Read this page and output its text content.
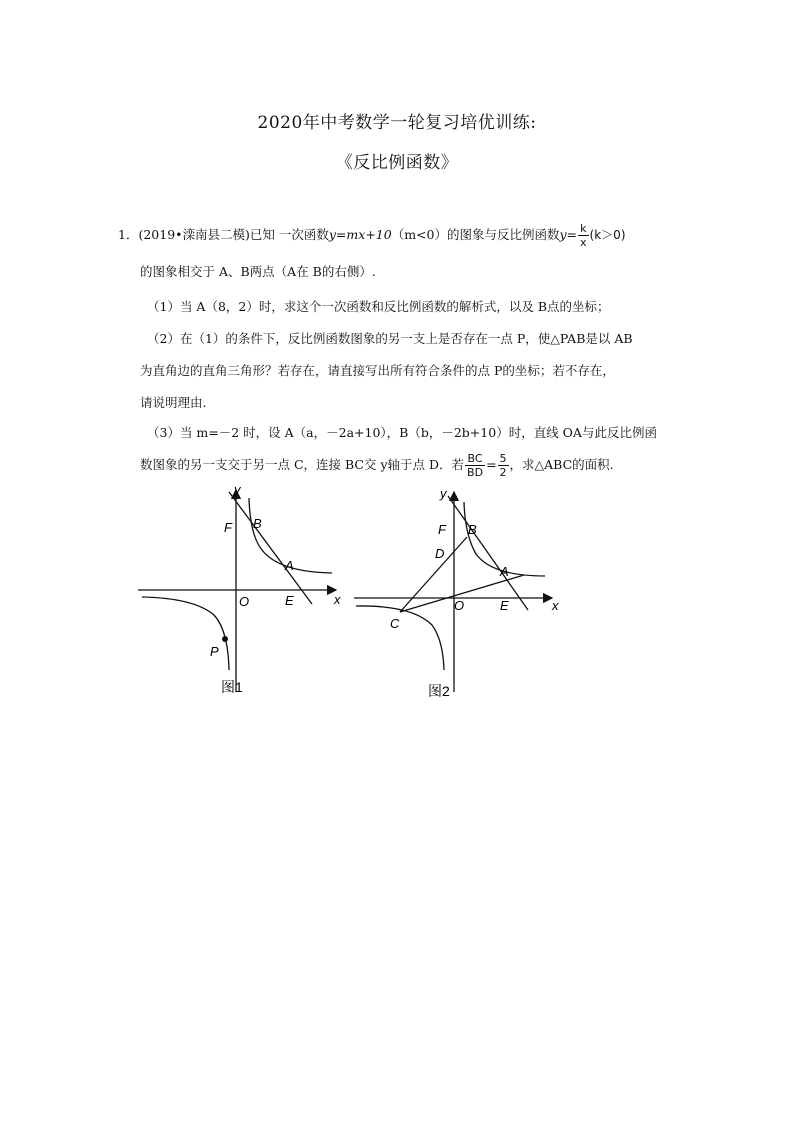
2020年中考数学一轮复习培优训练:
《反比例函数》
1．(2019•滦南县二模)已知 一次函数y=mx+10（m<0）的图象与反比例函数$y= \frac{k}{x} (k>0)$
的图象相交于 A、B两点（A在 B的右侧）.
（1）当 A（8，2）时，求这个一次函数和反比例函数的解析式，以及 B点的坐标；
（2）在（1）的条件下，反比例函数图象的另一支上是否存在一点 P，使△PAB是以 AB
为直角边的直角三角形？若存在，请直接写出所有符合条件的点 P的坐标；若不存在，
请说明理由.
（3）当 m=－2 时，设 A（a，－2a+10），B（b，－2b+10）时，直线 OA与此反比例函
数图象的另一支交于另一点 C，连接 BC交 y轴于点 D．若 $\frac{BC}{BD} = \frac{5}{2}$ ，求△ABC的面积.
y
x
F B
A
O	E
P
图1
y
x
F B
D
A
O	E
C
图2
